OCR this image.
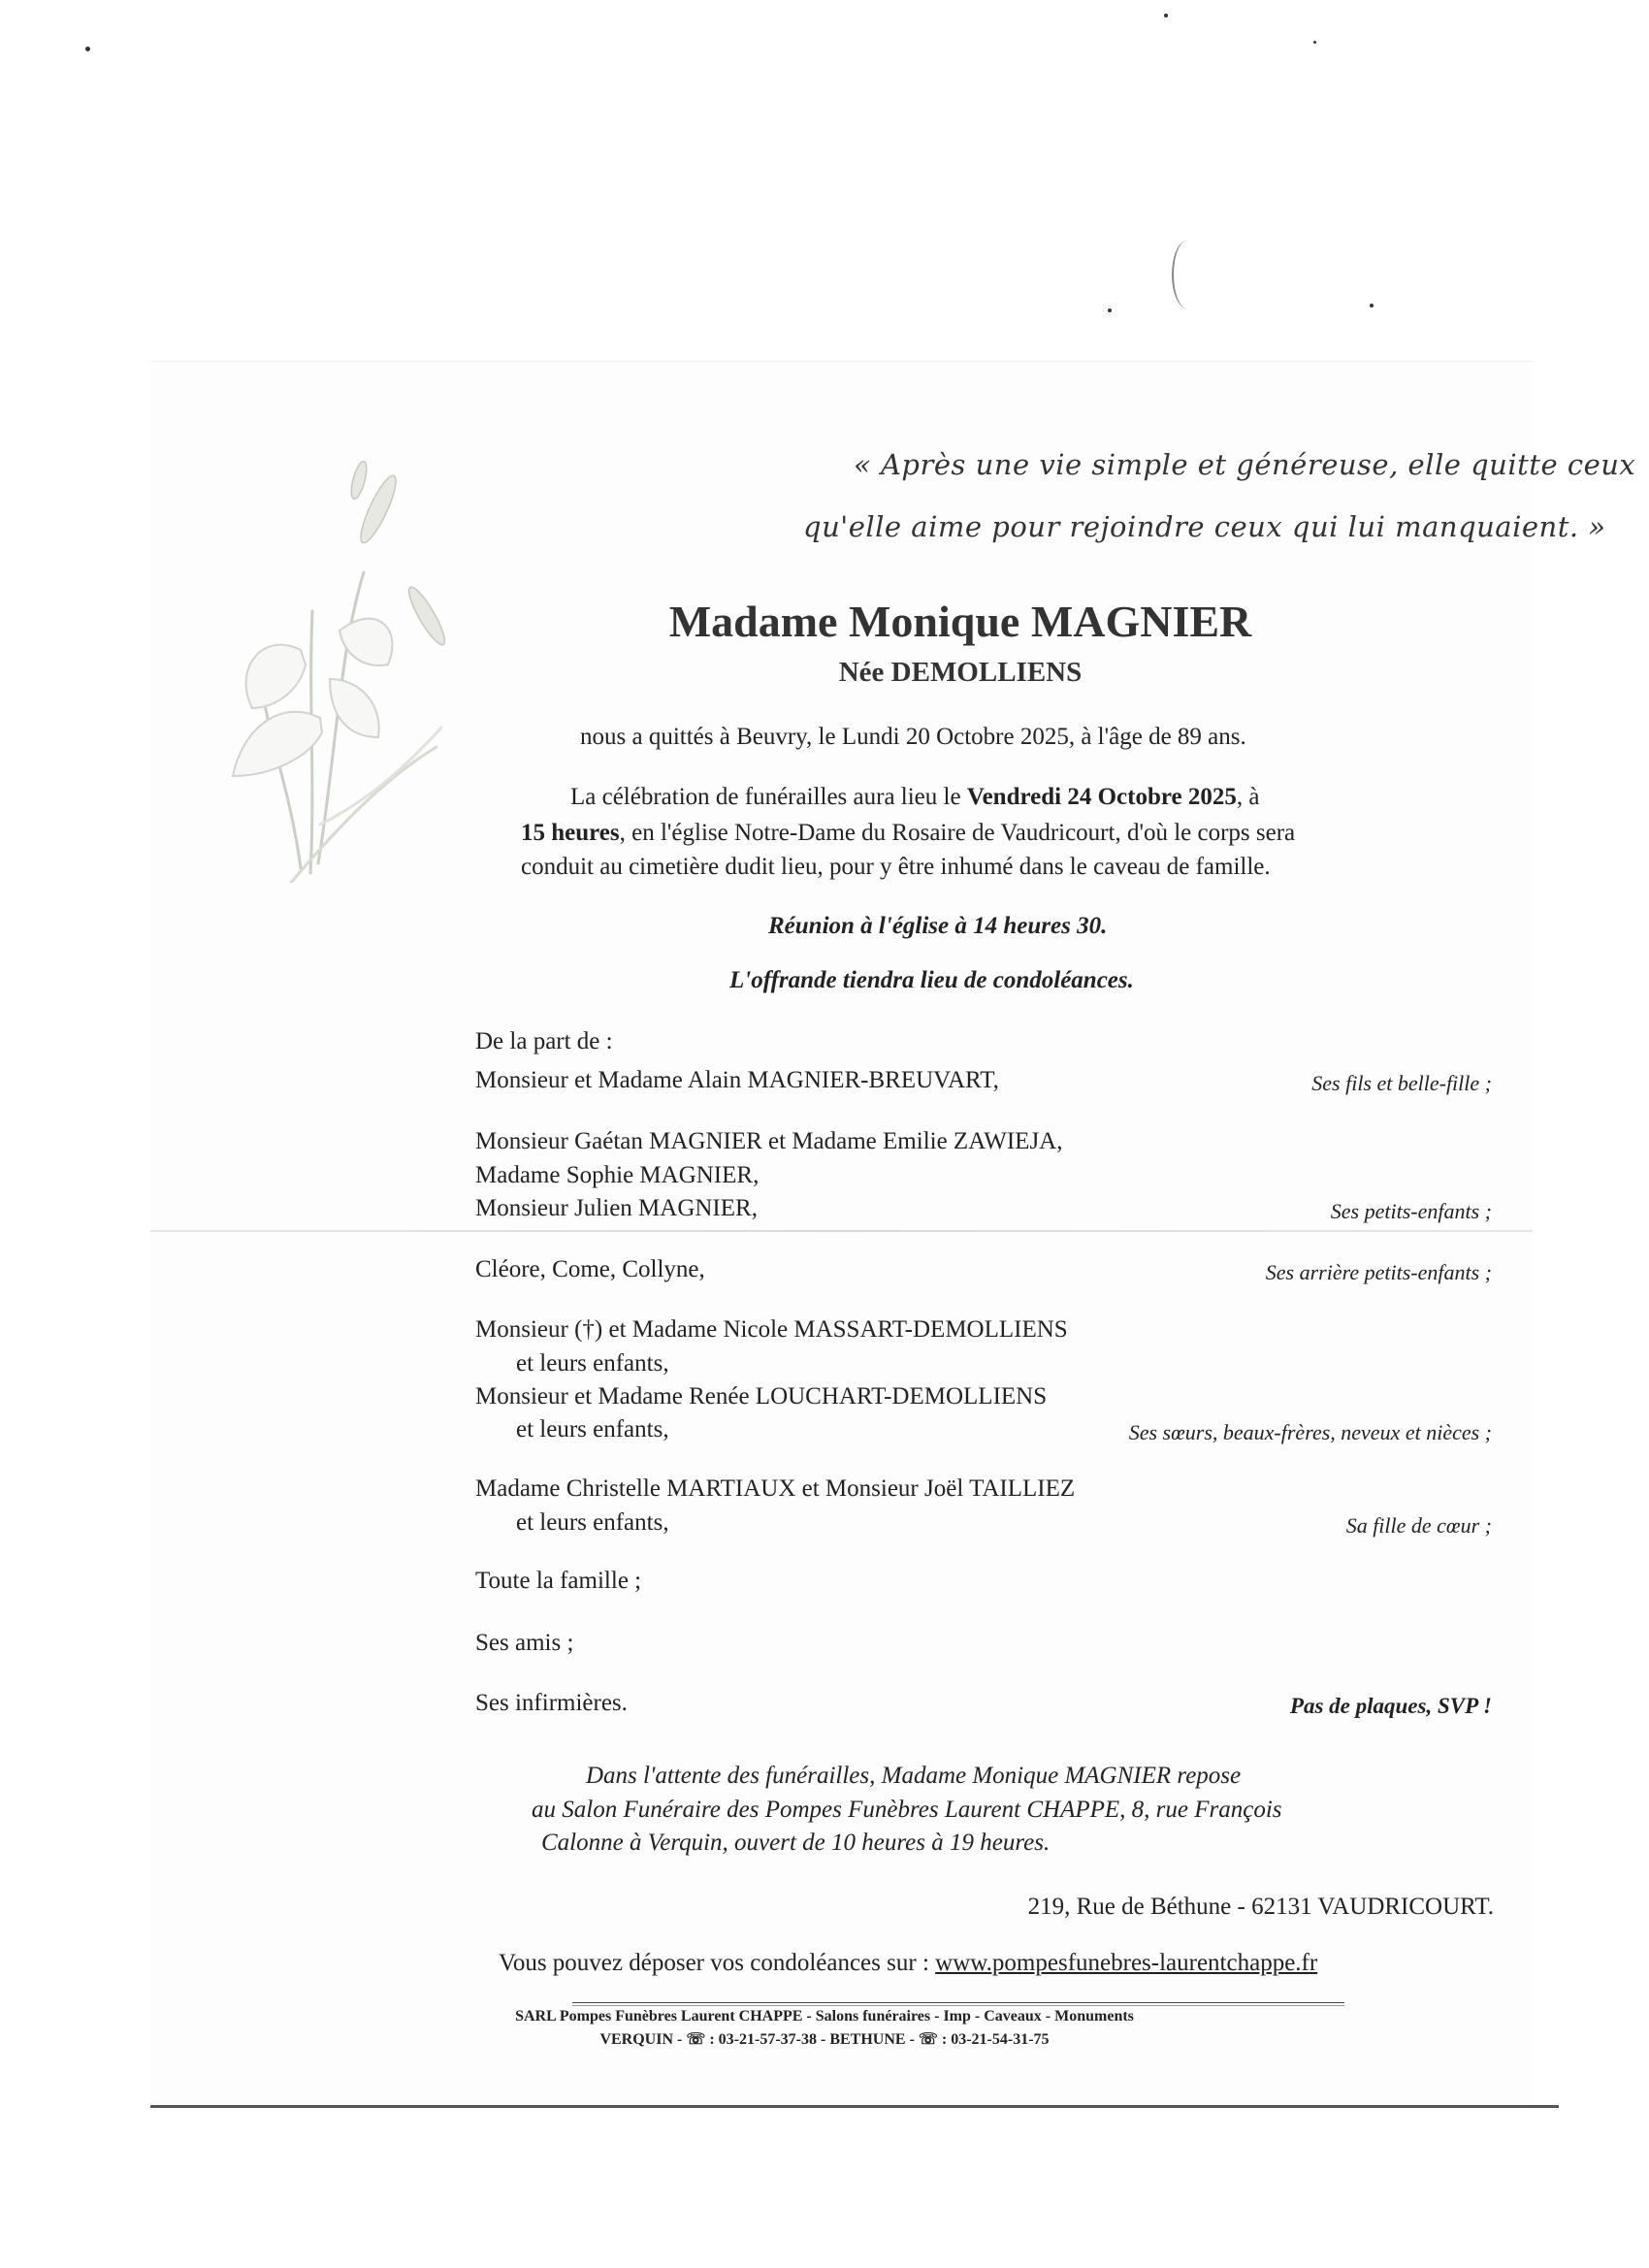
« Après une vie simple et généreuse, elle quitte ceux
qu'elle aime pour rejoindre ceux qui lui manquaient. »
Madame Monique MAGNIER
Née DEMOLLIENS
nous a quittés à Beuvry, le Lundi 20 Octobre 2025, à l'âge de 89 ans.
La célébration de funérailles aura lieu le Vendredi 24 Octobre 2025, à
15 heures, en l'église Notre-Dame du Rosaire de Vaudricourt, d'où le corps sera
conduit au cimetière dudit lieu, pour y être inhumé dans le caveau de famille.
Réunion à l'église à 14 heures 30.
L'offrande tiendra lieu de condoléances.
De la part de :
Monsieur et Madame Alain MAGNIER-BREUVART,	Ses fils et belle-fille ;
Monsieur Gaétan MAGNIER et Madame Emilie ZAWIEJA,
Madame Sophie MAGNIER,
Monsieur Julien MAGNIER,	Ses petits-enfants ;
Cléore, Come, Collyne,	Ses arrière petits-enfants ;
Monsieur (†) et Madame Nicole MASSART-DEMOLLIENS
et leurs enfants,
Monsieur et Madame Renée LOUCHART-DEMOLLIENS
et leurs enfants,	Ses sœurs, beaux-frères, neveux et nièces ;
Madame Christelle MARTIAUX et Monsieur Joël TAILLIEZ
et leurs enfants,	Sa fille de cœur ;
Toute la famille ;
Ses amis ;
Ses infirmières.	Pas de plaques, SVP !
Dans l'attente des funérailles, Madame Monique MAGNIER repose
au Salon Funéraire des Pompes Funèbres Laurent CHAPPE, 8, rue François
Calonne à Verquin, ouvert de 10 heures à 19 heures.
219, Rue de Béthune - 62131 VAUDRICOURT.
Vous pouvez déposer vos condoléances sur : www.pompesfunebres-laurentchappe.fr
SARL Pompes Funèbres Laurent CHAPPE - Salons funéraires - Imp - Caveaux - Monuments
VERQUIN - ☏ : 03-21-57-37-38 - BETHUNE - ☏ : 03-21-54-31-75
